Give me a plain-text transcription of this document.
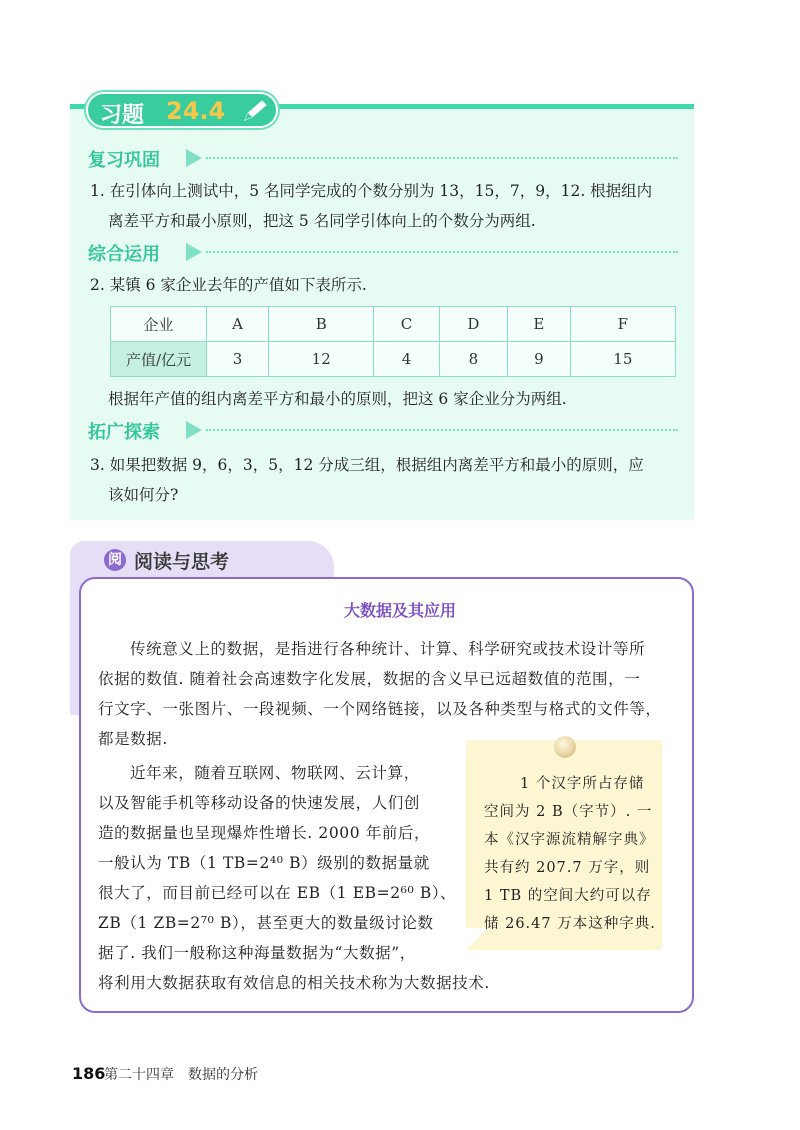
习题 24.4
复习巩固
1. 在引体向上测试中，5 名同学完成的个数分别为 13，15，7，9，12. 根据组内
离差平方和最小原则，把这 5 名同学引体向上的个数分为两组.
综合运用
2. 某镇 6 家企业去年的产值如下表所示.
企业	A	B	C	D	E	F
产值/亿元	3	12	4	8	9	15
根据年产值的组内离差平方和最小的原则，把这 6 家企业分为两组.
拓广探索
3. 如果把数据 9，6，3，5，12 分成三组，根据组内离差平方和最小的原则，应
该如何分?
阅 阅读与思考
大数据及其应用
传统意义上的数据，是指进行各种统计、计算、科学研究或技术设计等所
依据的数值. 随着社会高速数字化发展，数据的含义早已远超数值的范围，一
行文字、一张图片、一段视频、一个网络链接，以及各种类型与格式的文件等，
都是数据.
近年来，随着互联网、物联网、云计算，
以及智能手机等移动设备的快速发展，人们创
造的数据量也呈现爆炸性增长. 2000 年前后，
一般认为 TB（1 TB=2⁴⁰ B）级别的数据量就
很大了，而目前已经可以在 EB（1 EB=2⁶⁰ B）、
ZB（1 ZB=2⁷⁰ B），甚至更大的数量级讨论数
据了. 我们一般称这种海量数据为“大数据”，
将利用大数据获取有效信息的相关技术称为大数据技术.
1 个汉字所占存储
空间为 2 B（字节）. 一
本《汉字源流精解字典》
共有约 207.7 万字，则
1 TB 的空间大约可以存
储 26.47 万本这种字典.
186
第二十四章　数据的分析
